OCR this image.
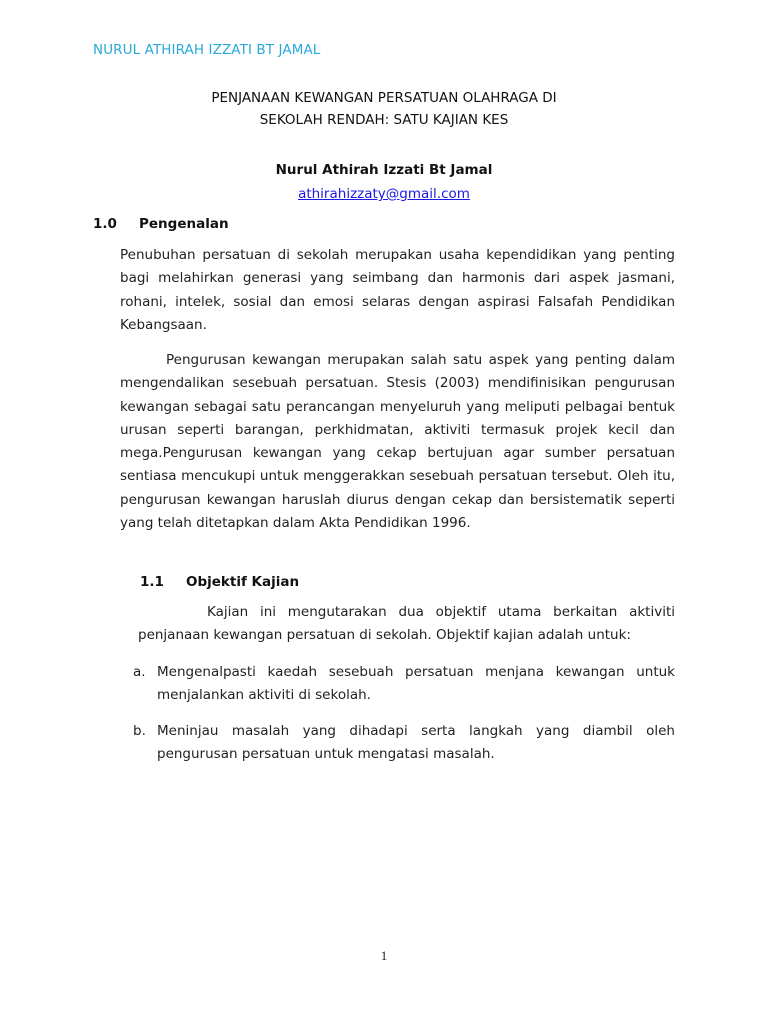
NURUL ATHIRAH IZZATI BT JAMAL
PENJANAAN KEWANGAN PERSATUAN OLAHRAGA DI
SEKOLAH RENDAH: SATU KAJIAN KES
Nurul Athirah Izzati Bt Jamal
athirahizzaty@gmail.com
1.0 Pengenalan

Penubuhan persatuan di sekolah merupakan usaha kependidikan yang penting bagi melahirkan generasi yang seimbang dan harmonis dari aspek jasmani, rohani, intelek, sosial dan emosi selaras dengan aspirasi Falsafah Pendidikan Kebangsaan.

Pengurusan kewangan merupakan salah satu aspek yang penting dalam mengendalikan sesebuah persatuan. Stesis (2003) mendifinisikan pengurusan kewangan sebagai satu perancangan menyeluruh yang meliputi pelbagai bentuk urusan seperti barangan, perkhidmatan, aktiviti termasuk projek kecil dan mega.Pengurusan kewangan yang cekap bertujuan agar sumber persatuan sentiasa mencukupi untuk menggerakkan sesebuah persatuan tersebut. Oleh itu, pengurusan kewangan haruslah diurus dengan cekap dan bersistematik seperti yang telah ditetapkan dalam Akta Pendidikan 1996.

1.1 Objektif Kajian

Kajian ini mengutarakan dua objektif utama berkaitan aktiviti penjanaan kewangan persatuan di sekolah. Objektif kajian adalah untuk:

a. Mengenalpasti kaedah sesebuah persatuan menjana kewangan untuk menjalankan aktiviti di sekolah.
b. Meninjau masalah yang dihadapi serta langkah yang diambil oleh pengurusan persatuan untuk mengatasi masalah.
1
